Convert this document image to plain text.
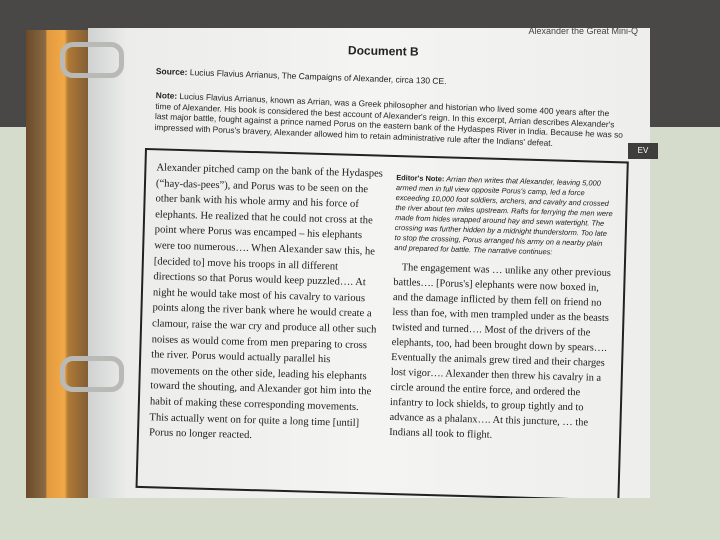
Alexander the Great Mini-Q
Document B
Source: Lucius Flavius Arrianus, The Campaigns of Alexander, circa 130 CE.
Note: Lucius Flavius Arrianus, known as Arrian, was a Greek philosopher and historian who lived some 400 years after the time of Alexander. His book is considered the best account of Alexander's reign. In this excerpt, Arrian describes Alexander's last major battle, fought against a prince named Porus on the eastern bank of the Hydaspes River in India. Because he was so impressed with Porus's bravery, Alexander allowed him to retain administrative rule after the Indians' defeat.
Alexander pitched camp on the bank of the Hydaspes (“hay-das-pees”), and Porus was to be seen on the other bank with his whole army and his force of elephants. He realized that he could not cross at the point where Porus was encamped – his elephants were too numerous…. When Alexander saw this, he [decided to] move his troops in all different directions so that Porus would keep puzzled…. At night he would take most of his cavalry to various points along the river bank where he would create a clamour, raise the war cry and produce all other such noises as would come from men preparing to cross the river. Porus would actually parallel his movements on the other side, leading his elephants toward the shouting, and Alexander got him into the habit of making these corresponding movements. This actually went on for quite a long time [until] Porus no longer reacted.
Editor's Note: Arrian then writes that Alexander, leaving 5,000 armed men in full view opposite Porus's camp, led a force exceeding 10,000 foot soldiers, archers, and cavalry and crossed the river about ten miles upstream. Rafts for ferrying the men were made from hides wrapped around hay and sewn watertight. The crossing was further hidden by a midnight thunderstorm. Too late to stop the crossing, Porus arranged his army on a nearby plain and prepared for battle. The narrative continues:
The engagement was … unlike any other previous battles…. [Porus's] elephants were now boxed in, and the damage inflicted by them fell on friend no less than foe, with men trampled under as the beasts twisted and turned…. Most of the drivers of the elephants, too, had been brought down by spears…. Eventually the animals grew tired and their charges lost vigor…. Alexander then threw his cavalry in a circle around the entire force, and ordered the infantry to lock shields, to group tightly and to advance as a phalanx…. At this juncture, … the Indians all took to flight.
EV
